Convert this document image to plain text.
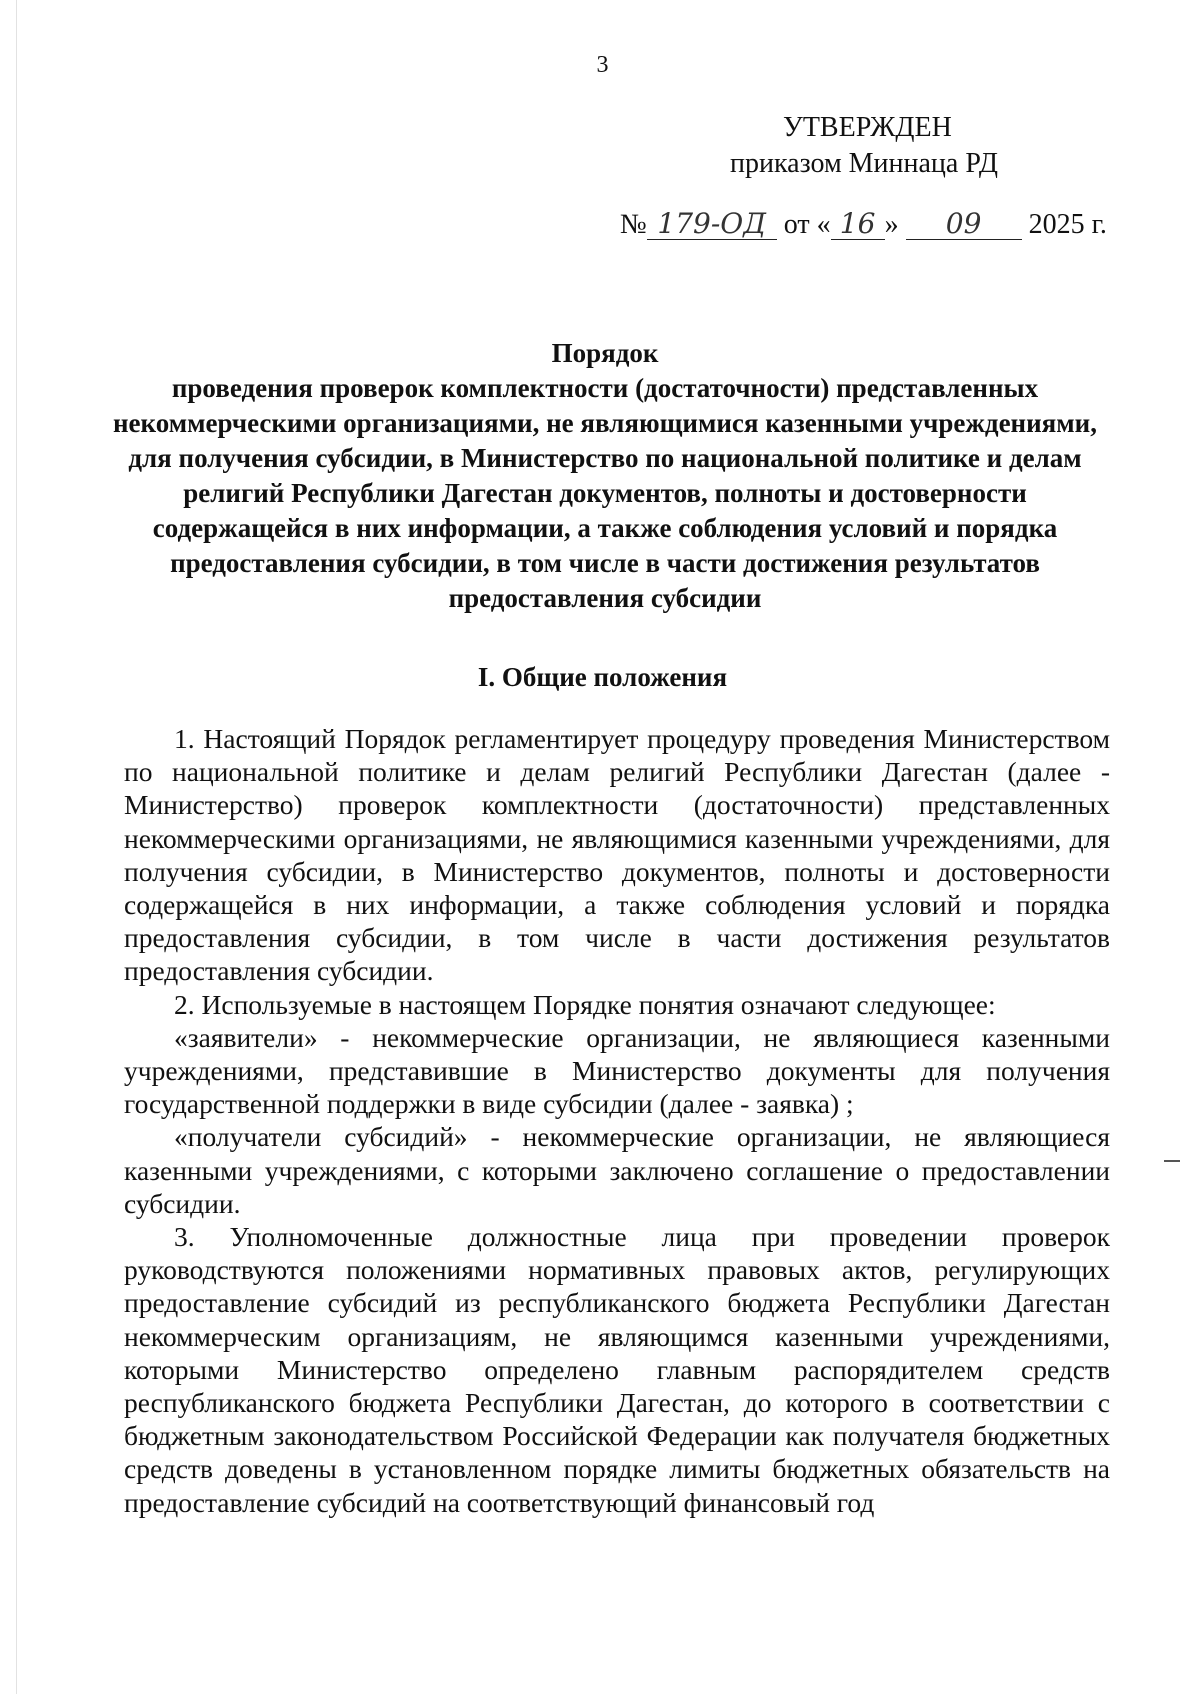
3
УТВЕРЖДЕН
приказом Миннаца РД
№ 179-ОД от « 16 » 09 2025 г.
Порядок
проведения проверок комплектности (достаточности) представленных некоммерческими организациями, не являющимися казенными учреждениями, для получения субсидии, в Министерство по национальной политике и делам религий Республики Дагестан документов, полноты и достоверности содержащейся в них информации, а также соблюдения условий и порядка предоставления субсидии, в том числе в части достижения результатов предоставления субсидии
I. Общие положения

1. Настоящий Порядок регламентирует процедуру проведения Министерством по национальной политике и делам религий Республики Дагестан (далее - Министерство) проверок комплектности (достаточности) представленных некоммерческими организациями, не являющимися казенными учреждениями, для получения субсидии, в Министерство документов, полноты и достоверности содержащейся в них информации, а также соблюдения условий и порядка предоставления субсидии, в том числе в части достижения результатов предоставления субсидии.

2. Используемые в настоящем Порядке понятия означают следующее:

«заявители» - некоммерческие организации, не являющиеся казенными учреждениями, представившие в Министерство документы для получения государственной поддержки в виде субсидии (далее - заявка) ;

«получатели субсидий» - некоммерческие организации, не являющиеся казенными учреждениями, с которыми заключено соглашение о предоставлении субсидии.

3. Уполномоченные должностные лица при проведении проверок руководствуются положениями нормативных правовых актов, регулирующих предоставление субсидий из республиканского бюджета Республики Дагестан некоммерческим организациям, не являющимся казенными учреждениями, которыми Министерство определено главным распорядителем средств республиканского бюджета Республики Дагестан, до которого в соответствии с бюджетным законодательством Российской Федерации как получателя бюджетных средств доведены в установленном порядке лимиты бюджетных обязательств на предоставление субсидий на соответствующий финансовый год
